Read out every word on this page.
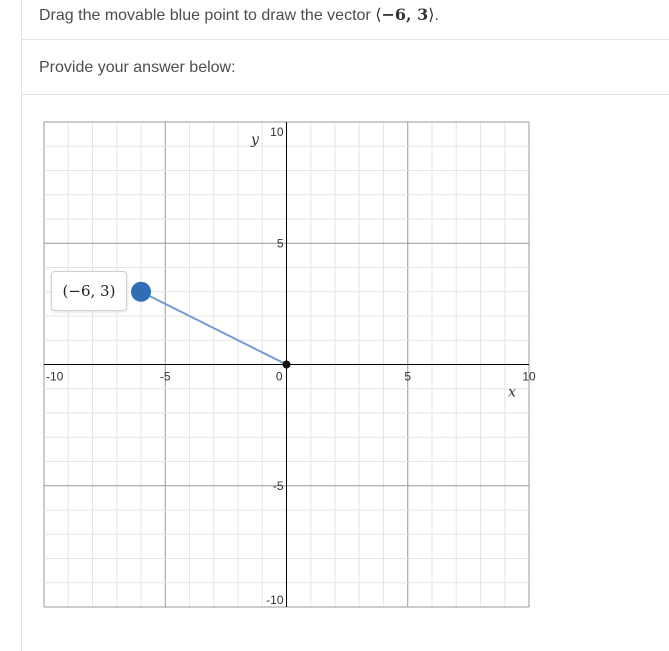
Drag the movable blue point to draw the vector ⟨−6, 3⟩.
Provide your answer below:
-10	-5	0	5	10
10
5
-5
-10
x
y
(−6, 3)
